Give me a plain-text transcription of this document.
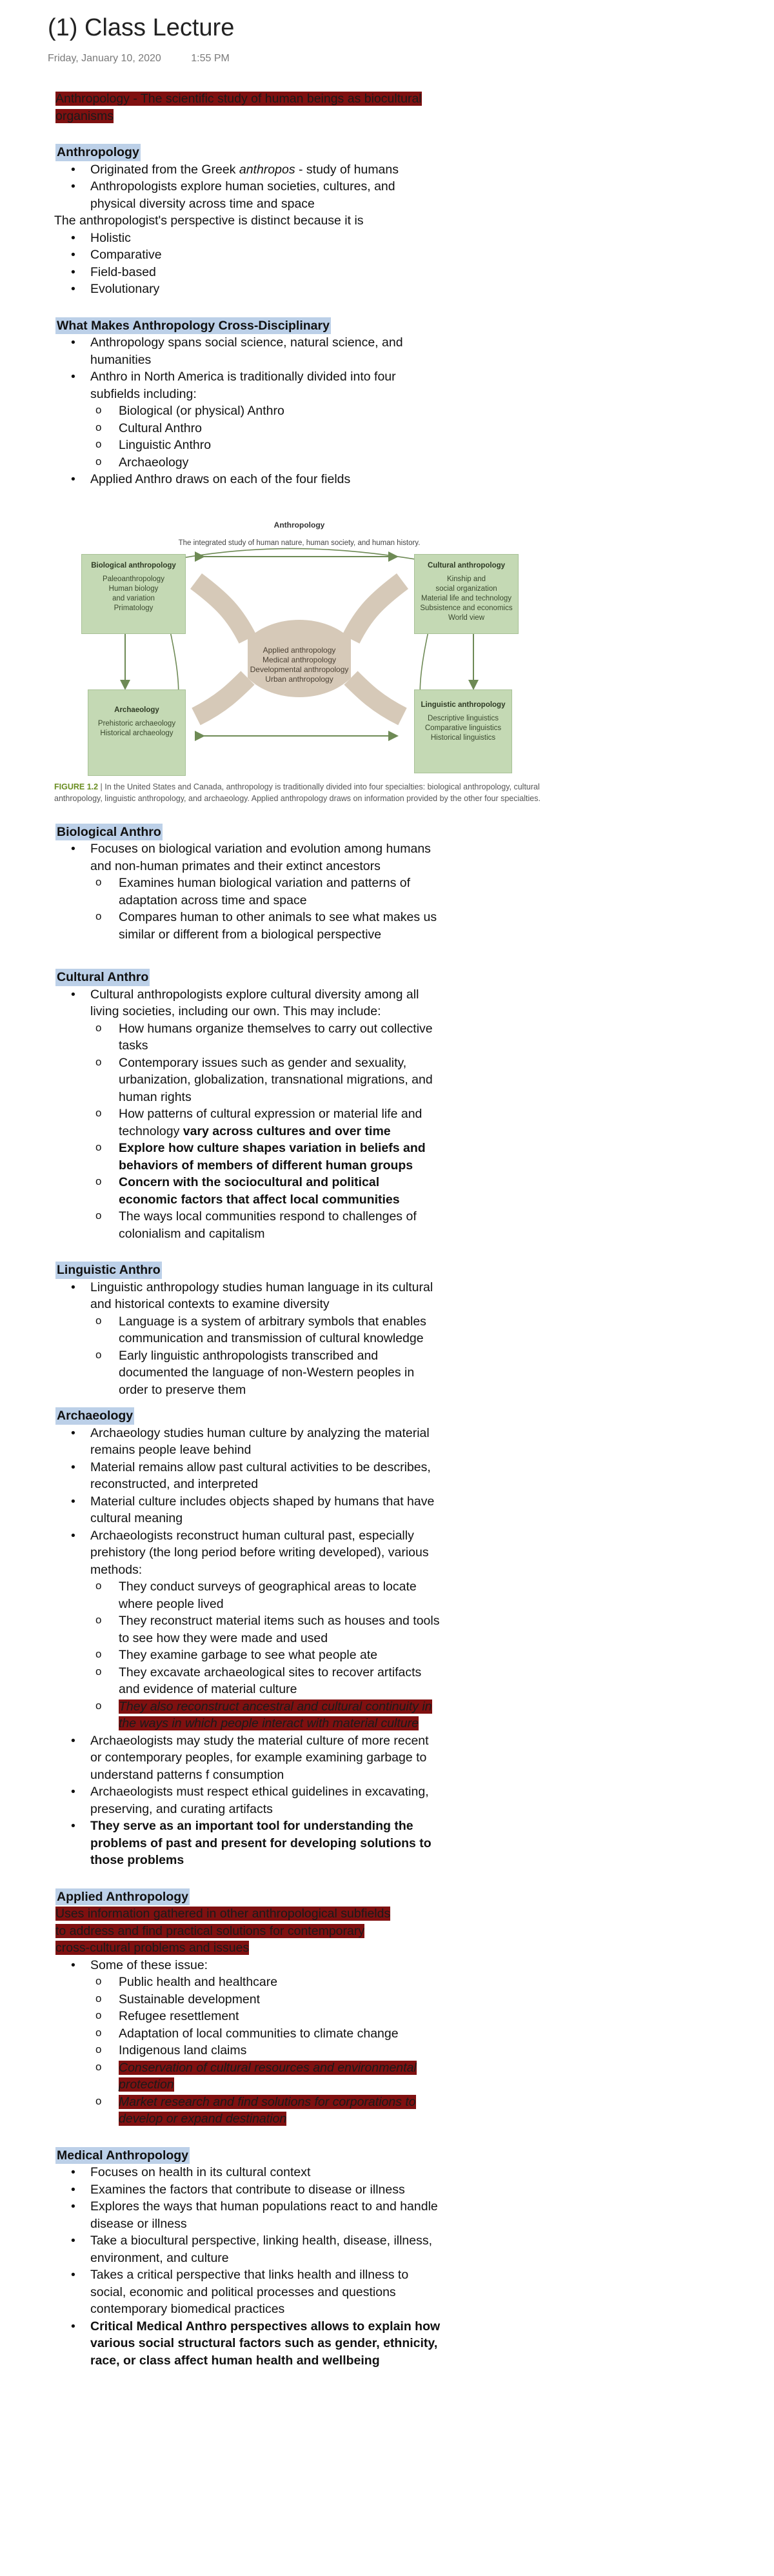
(1) Class Lecture
Friday, January 10, 2020	1:55 PM

Anthropology - The scientific study of human beings as biocultural organisms

Anthropology
• Originated from the Greek anthropos - study of humans
• Anthropologists explore human societies, cultures, and physical diversity across time and space

The anthropologist's perspective is distinct because it is

• Holistic
• Comparative
• Field-based
• Evolutionary
What Makes Anthropology Cross-Disciplinary
• Anthropology spans social science, natural science, and humanities
• Anthro in North America is traditionally divided into four subfields including:
o Biological (or physical) Anthro
o Cultural Anthro
o Linguistic Anthro
o Archaeology
• Applied Anthro draws on each of the four fields
Anthropology
The integrated study of human nature, human society, and human history.
Biological anthropology
Paleoanthropology
Human biology
and variation
Primatology
Cultural anthropology
Kinship and
social organization
Material life and technology
Subsistence and economics
World view
Archaeology
Prehistoric archaeology
Historical archaeology
Linguistic anthropology
Descriptive linguistics
Comparative linguistics
Historical linguistics
Applied anthropology
Medical anthropology
Developmental anthropology
Urban anthropology
FIGURE 1.2 | In the United States and Canada, anthropology is traditionally divided into four specialties: biological anthropology, cultural anthropology, linguistic anthropology, and archaeology. Applied anthropology draws on information provided by the other four specialties.
Biological Anthro
• Focuses on biological variation and evolution among humans and non-human primates and their extinct ancestors
o Examines human biological variation and patterns of adaptation across time and space
o Compares human to other animals to see what makes us similar or different from a biological perspective
Cultural Anthro
• Cultural anthropologists explore cultural diversity among all living societies, including our own. This may include:
o How humans organize themselves to carry out collective tasks
o Contemporary issues such as gender and sexuality, urbanization, globalization, transnational migrations, and human rights
o How patterns of cultural expression or material life and technology vary across cultures and over time
o Explore how culture shapes variation in beliefs and behaviors of members of different human groups
o Concern with the sociocultural and political economic factors that affect local communities
o The ways local communities respond to challenges of colonialism and capitalism
Linguistic Anthro
• Linguistic anthropology studies human language in its cultural and historical contexts to examine diversity
o Language is a system of arbitrary symbols that enables communication and transmission of cultural knowledge
o Early linguistic anthropologists transcribed and documented the language of non-Western peoples in order to preserve them
Archaeology
• Archaeology studies human culture by analyzing the material remains people leave behind
• Material remains allow past cultural activities to be describes, reconstructed, and interpreted
• Material culture includes objects shaped by humans that have cultural meaning
• Archaeologists reconstruct human cultural past, especially prehistory (the long period before writing developed), various methods:
o They conduct surveys of geographical areas to locate where people lived
o They reconstruct material items such as houses and tools to see how they were made and used
o They examine garbage to see what people ate
o They excavate archaeological sites to recover artifacts and evidence of material culture
o They also reconstruct ancestral and cultural continuity in the ways in which people interact with material culture
• Archaeologists may study the material culture of more recent or contemporary peoples, for example examining garbage to understand patterns f consumption
• Archaeologists must respect ethical guidelines in excavating, preserving, and curating artifacts
• They serve as an important tool for understanding the problems of past and present for developing solutions to those problems
Applied Anthropology

Uses information gathered in other anthropological subfields to address and find practical solutions for contemporary cross-cultural problems and issues

• Some of these issue:
o Public health and healthcare
o Sustainable development
o Refugee resettlement
o Adaptation of local communities to climate change
o Indigenous land claims
o Conservation of cultural resources and environmental protection
o Market research and find solutions for corporations to develop or expand destination
Medical Anthropology
• Focuses on health in its cultural context
• Examines the factors that contribute to disease or illness
• Explores the ways that human populations react to and handle disease or illness
• Take a biocultural perspective, linking health, disease, illness, environment, and culture
• Takes a critical perspective that links health and illness to social, economic and political processes and questions contemporary biomedical practices
• Critical Medical Anthro perspectives allows to explain how various social structural factors such as gender, ethnicity, race, or class affect human health and wellbeing
